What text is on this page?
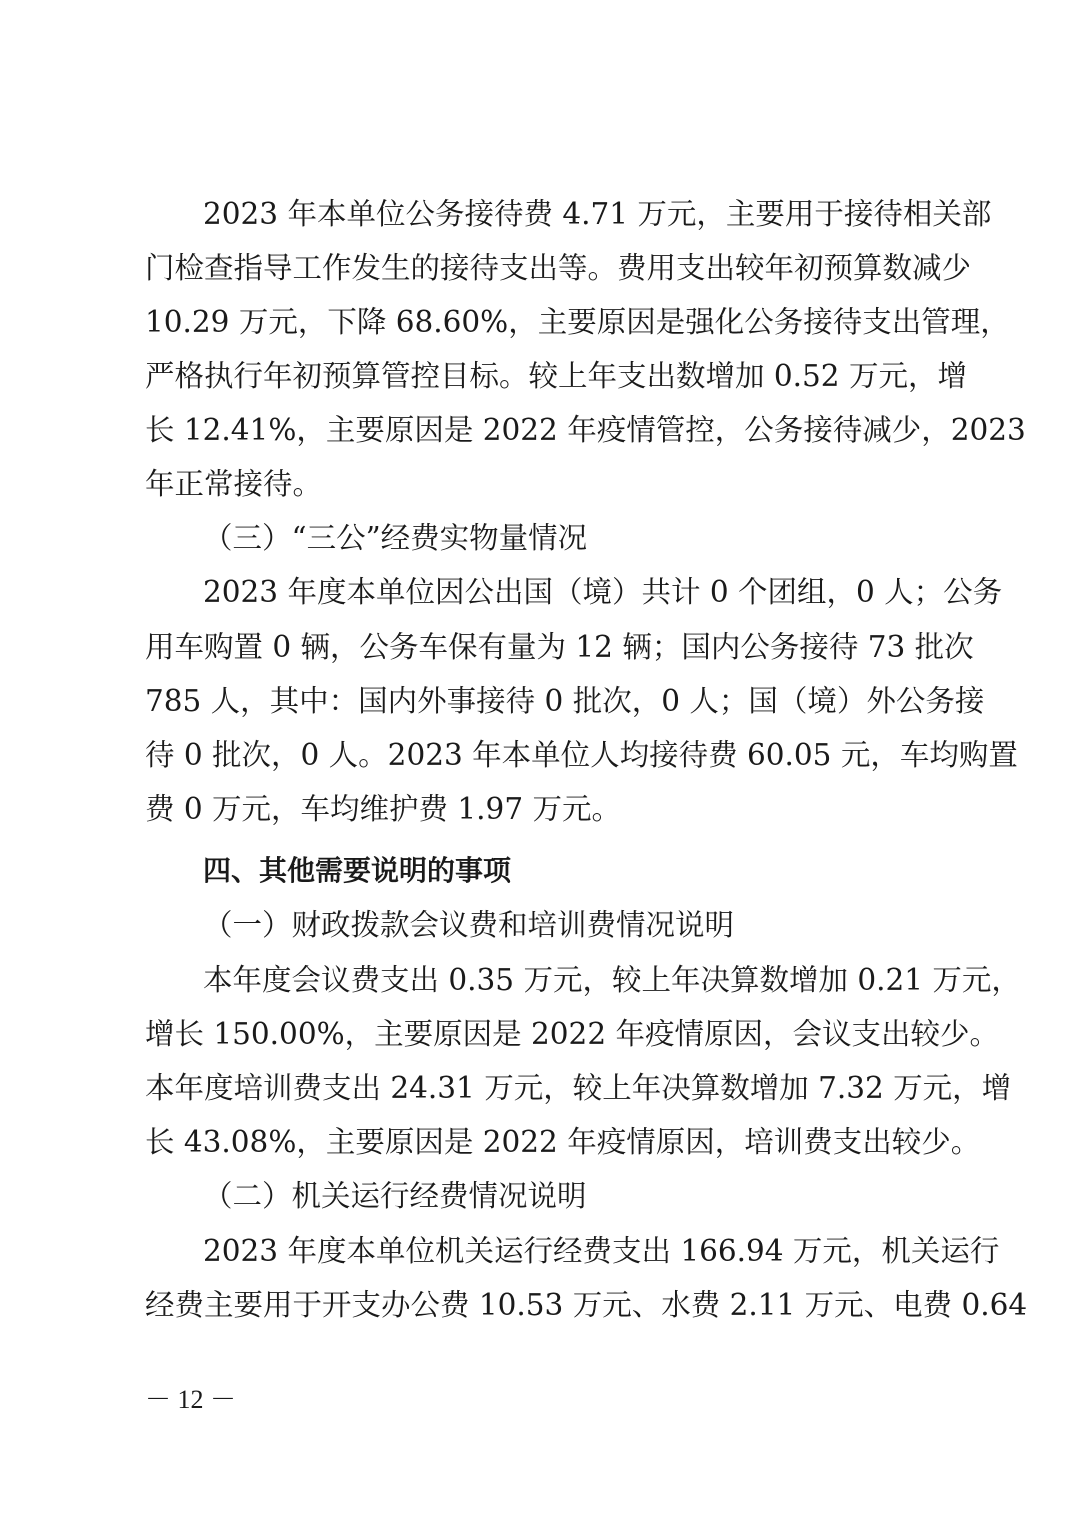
2023 年本单位公务接待费 4.71 万元，主要用于接待相关部
门检查指导工作发生的接待支出等。费用支出较年初预算数减少
10.29 万元，下降 68.60%，主要原因是强化公务接待支出管理，
严格执行年初预算管控目标。较上年支出数增加 0.52 万元，增
长 12.41%，主要原因是 2022 年疫情管控，公务接待减少，2023
年正常接待。
（三）“三公”经费实物量情况
2023 年度本单位因公出国（境）共计 0 个团组，0 人；公务
用车购置 0 辆，公务车保有量为 12 辆；国内公务接待 73 批次
785 人，其中：国内外事接待 0 批次，0 人；国（境）外公务接
待 0 批次，0 人。2023 年本单位人均接待费 60.05 元，车均购置
费 0 万元，车均维护费 1.97 万元。
四、其他需要说明的事项
（一）财政拨款会议费和培训费情况说明
本年度会议费支出 0.35 万元，较上年决算数增加 0.21 万元，
增长 150.00%，主要原因是 2022 年疫情原因，会议支出较少。
本年度培训费支出 24.31 万元，较上年决算数增加 7.32 万元，增
长 43.08%，主要原因是 2022 年疫情原因，培训费支出较少。
（二）机关运行经费情况说明
2023 年度本单位机关运行经费支出 166.94 万元，机关运行
经费主要用于开支办公费 10.53 万元、水费 2.11 万元、电费 0.64
－ 12 －
